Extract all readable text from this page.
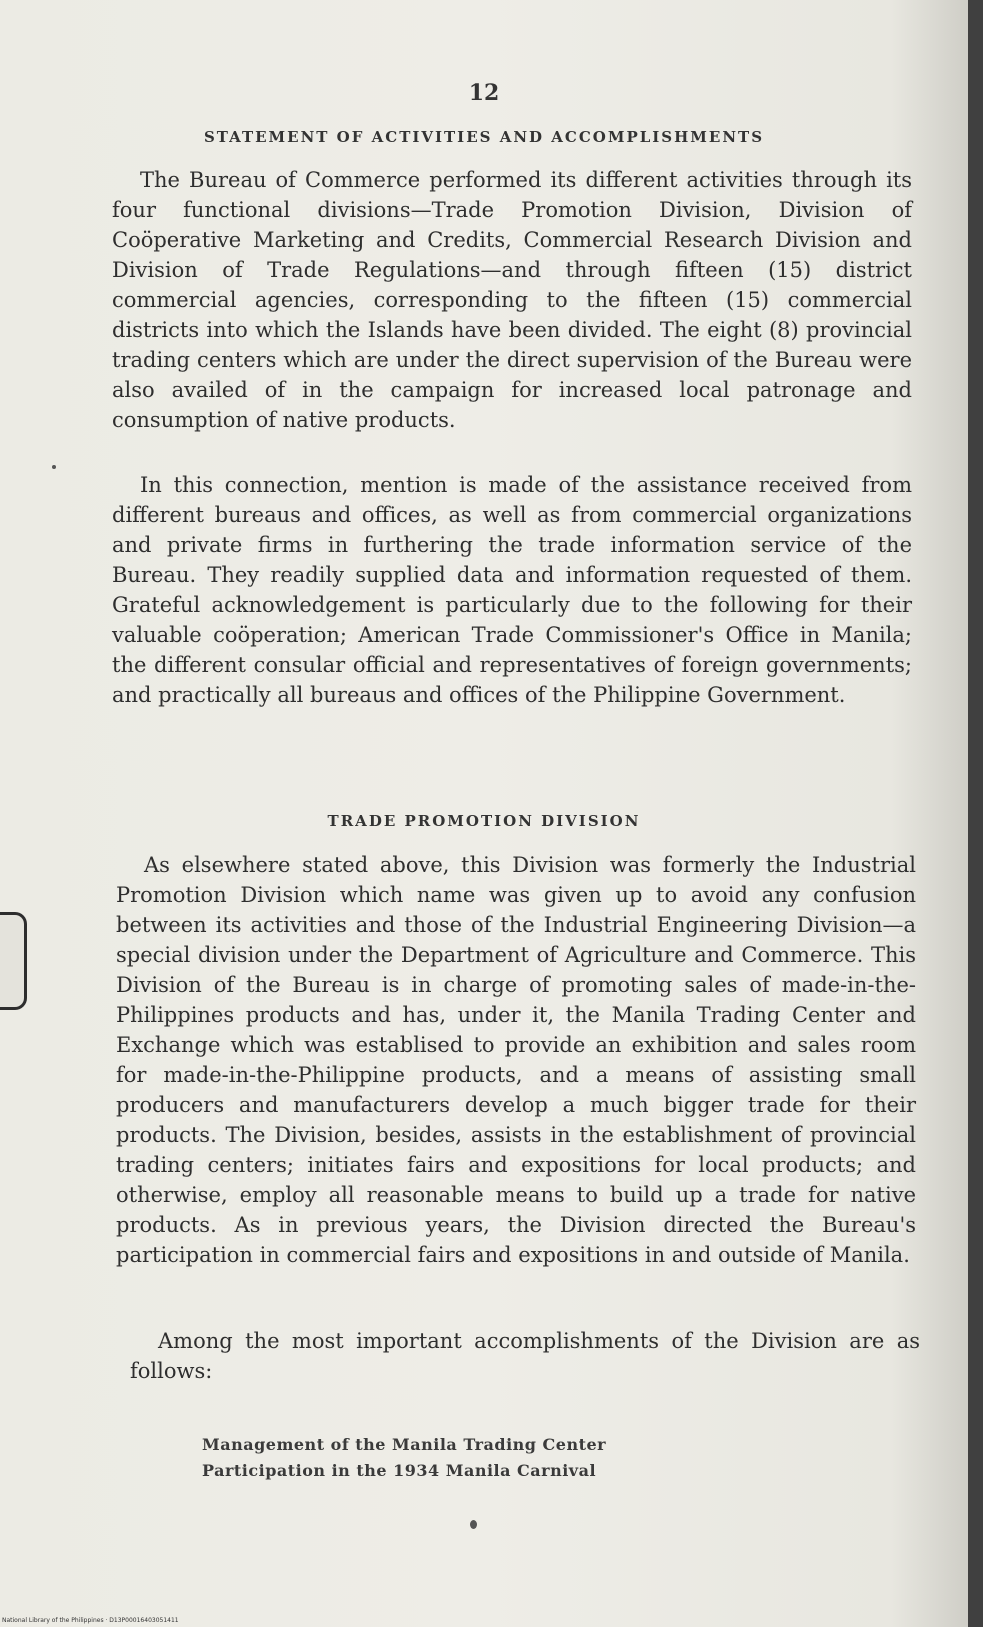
12
STATEMENT OF ACTIVITIES AND ACCOMPLISHMENTS

The Bureau of Commerce performed its different activities through its four functional divisions—Trade Promotion Division, Division of Coöperative Marketing and Credits, Commercial Research Division and Division of Trade Regulations—and through fifteen (15) district commercial agencies, corresponding to the fifteen (15) commercial districts into which the Islands have been divided. The eight (8) provincial trading centers which are under the direct supervision of the Bureau were also availed of in the campaign for increased local patronage and consumption of native products.

In this connection, mention is made of the assistance received from different bureaus and offices, as well as from commercial organizations and private firms in furthering the trade information service of the Bureau. They readily supplied data and information requested of them. Grateful acknowledgement is particularly due to the following for their valuable coöperation; American Trade Commissioner's Office in Manila; the different consular official and representatives of foreign governments; and practically all bureaus and offices of the Philippine Government.

TRADE PROMOTION DIVISION

As elsewhere stated above, this Division was formerly the Industrial Promotion Division which name was given up to avoid any confusion between its activities and those of the Industrial Engineering Division—a special division under the Department of Agriculture and Commerce. This Division of the Bureau is in charge of promoting sales of made-in-the-Philippines products and has, under it, the Manila Trading Center and Exchange which was establised to provide an exhibition and sales room for made-in-the-Philippine products, and a means of assisting small producers and manufacturers develop a much bigger trade for their products. The Division, besides, assists in the establishment of provincial trading centers; initiates fairs and expositions for local products; and otherwise, employ all reasonable means to build up a trade for native products. As in previous years, the Division directed the Bureau's participation in commercial fairs and expositions in and outside of Manila.

Among the most important accomplishments of the Division are as follows:

Management of the Manila Trading Center
Participation in the 1934 Manila Carnival
National Library of the Philippines · D13P00016403051411
